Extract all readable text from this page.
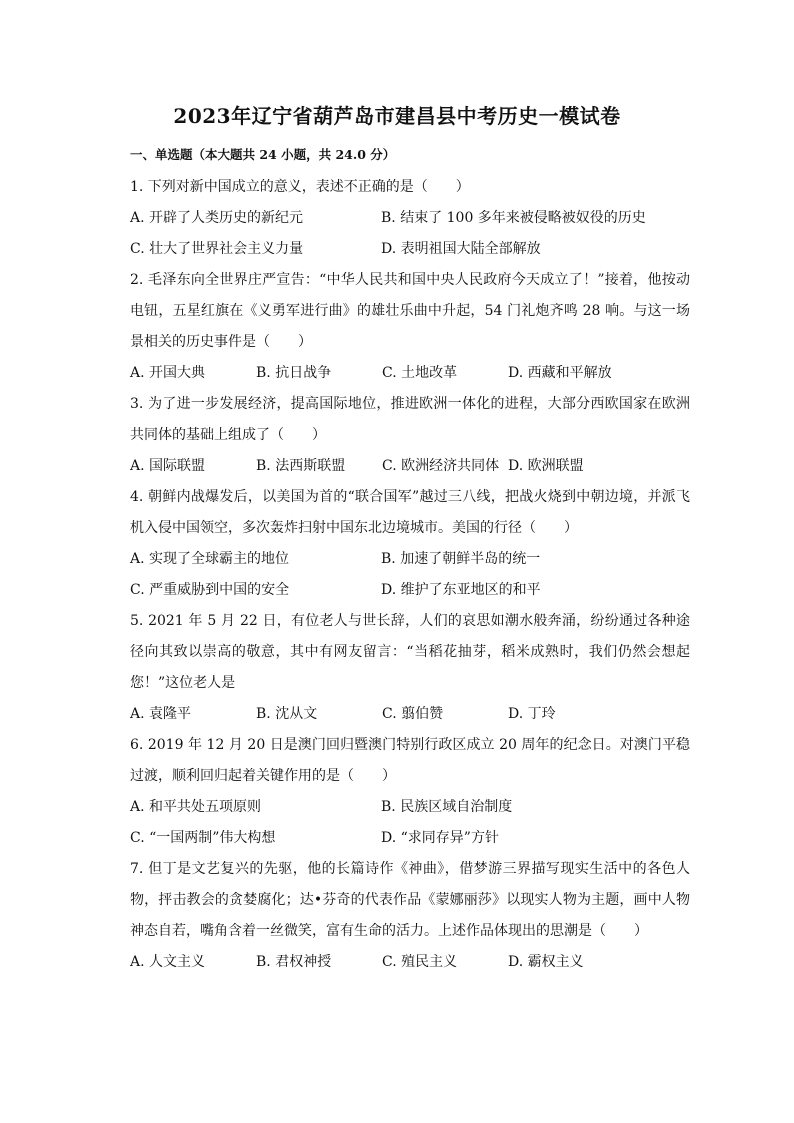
2023年辽宁省葫芦岛市建昌县中考历史一模试卷
一、单选题（本大题共 24 小题，共 24.0 分）
1. 下列对新中国成立的意义，表述不正确的是（　　）
A. 开辟了人类历史的新纪元	B. 结束了 100 多年来被侵略被奴役的历史
C. 壮大了世界社会主义力量	D. 表明祖国大陆全部解放
2. 毛泽东向全世界庄严宣告：“中华人民共和国中央人民政府今天成立了！”接着，他按动电钮，五星红旗在《义勇军进行曲》的雄壮乐曲中升起，54 门礼炮齐鸣 28 响。与这一场景相关的历史事件是（　　）
A. 开国大典	B. 抗日战争	C. 土地改革	D. 西藏和平解放
3. 为了进一步发展经济，提高国际地位，推进欧洲一体化的进程，大部分西欧国家在欧洲共同体的基础上组成了（　　）
A. 国际联盟	B. 法西斯联盟	C. 欧洲经济共同体 D. 欧洲联盟
4. 朝鲜内战爆发后，以美国为首的“联合国军”越过三八线，把战火烧到中朝边境，并派飞机入侵中国领空，多次轰炸扫射中国东北边境城市。美国的行径（　　）
A. 实现了全球霸主的地位	B. 加速了朝鲜半岛的统一
C. 严重威胁到中国的安全	D. 维护了东亚地区的和平
5. 2021 年 5 月 22 日，有位老人与世长辞，人们的哀思如潮水般奔涌，纷纷通过各种途径向其致以崇高的敬意，其中有网友留言：“当稻花抽芽，稻米成熟时，我们仍然会想起您！”这位老人是
A. 袁隆平	B. 沈从文	C. 翦伯赞	D. 丁玲
6. 2019 年 12 月 20 日是澳门回归暨澳门特别行政区成立 20 周年的纪念日。对澳门平稳过渡，顺利回归起着关键作用的是（　　）
A. 和平共处五项原则	B. 民族区域自治制度
C. “一国两制”伟大构想	D. “求同存异”方针
7. 但丁是文艺复兴的先驱，他的长篇诗作《神曲》，借梦游三界描写现实生活中的各色人物，抨击教会的贪婪腐化；达•芬奇的代表作品《蒙娜丽莎》以现实人物为主题，画中人物神态自若，嘴角含着一丝微笑，富有生命的活力。上述作品体现出的思潮是（　　）
A. 人文主义	B. 君权神授	C. 殖民主义	D. 霸权主义
